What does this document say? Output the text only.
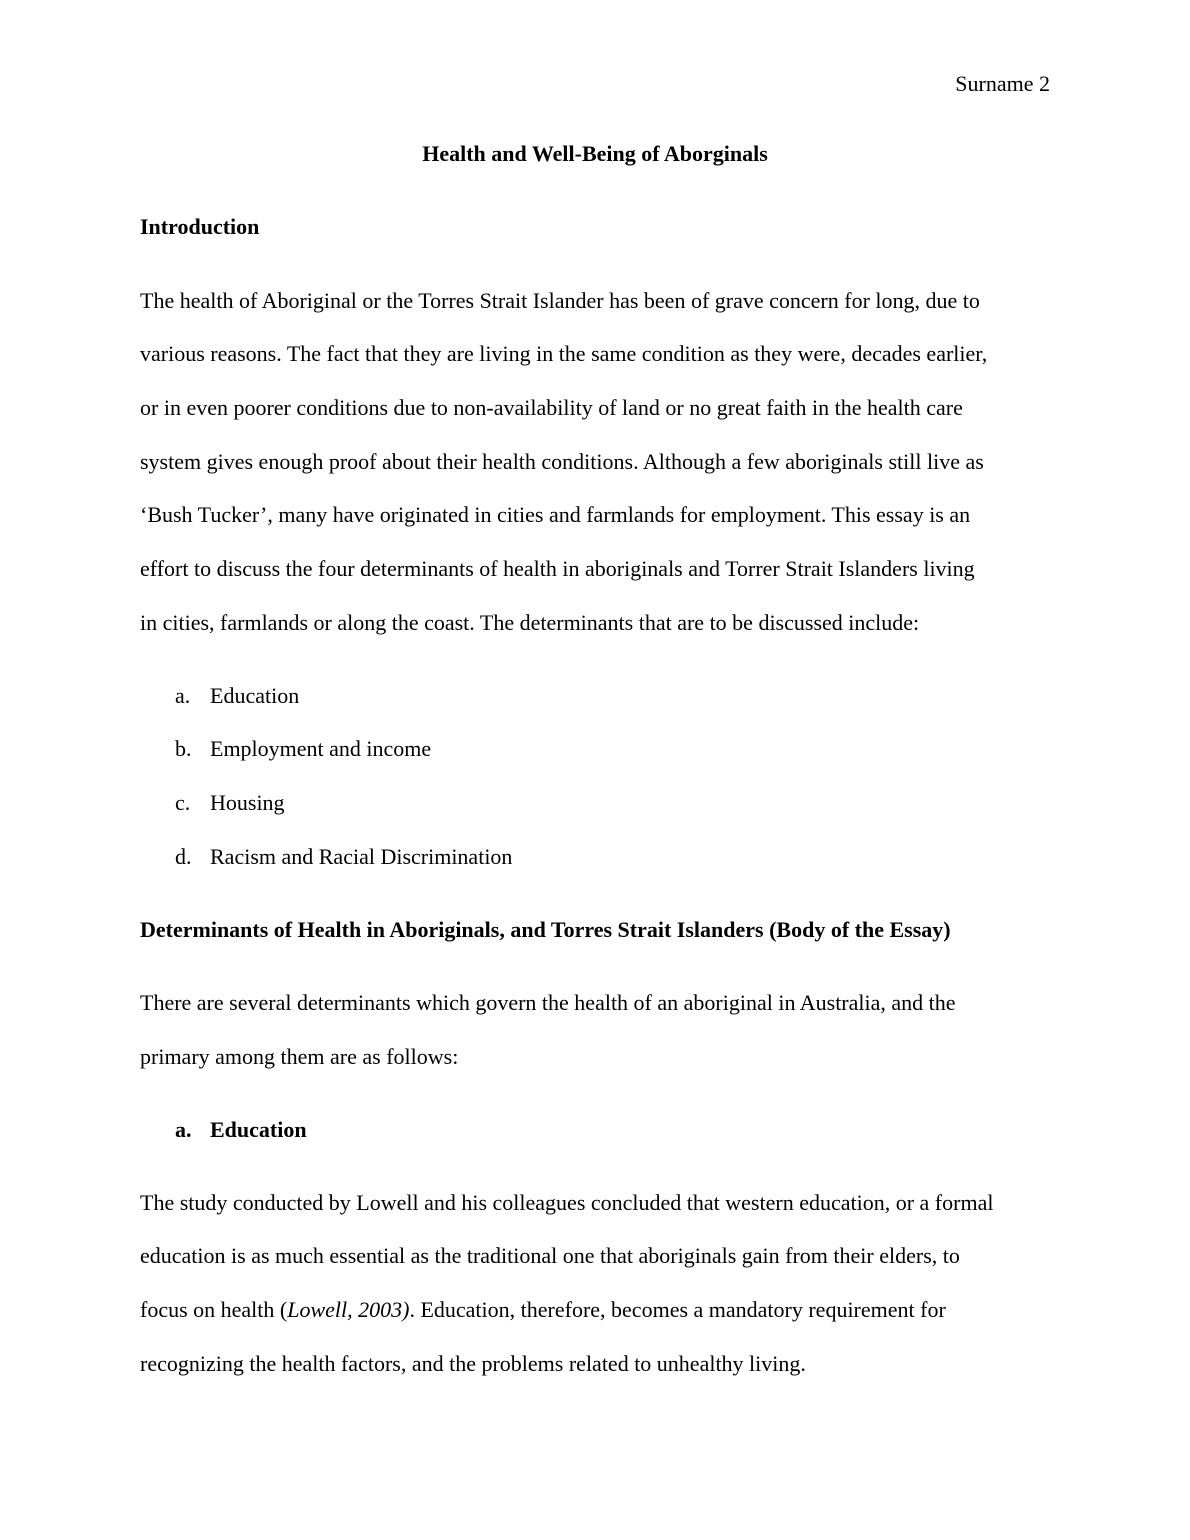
Surname 2
Health and Well-Being of Aborginals
Introduction
The health of Aboriginal or the Torres Strait Islander has been of grave concern for long, due to
various reasons. The fact that they are living in the same condition as they were, decades earlier,
or in even poorer conditions due to non-availability of land or no great faith in the health care
system gives enough proof about their health conditions. Although a few aboriginals still live as
‘Bush Tucker’, many have originated in cities and farmlands for employment. This essay is an
effort to discuss the four determinants of health in aboriginals and Torrer Strait Islanders living
in cities, farmlands or along the coast. The determinants that are to be discussed include:
a. Education
b. Employment and income
c. Housing
d. Racism and Racial Discrimination
Determinants of Health in Aboriginals, and Torres Strait Islanders (Body of the Essay)
There are several determinants which govern the health of an aboriginal in Australia, and the
primary among them are as follows:
a. Education
The study conducted by Lowell and his colleagues concluded that western education, or a formal
education is as much essential as the traditional one that aboriginals gain from their elders, to
focus on health (Lowell, 2003). Education, therefore, becomes a mandatory requirement for
recognizing the health factors, and the problems related to unhealthy living.
